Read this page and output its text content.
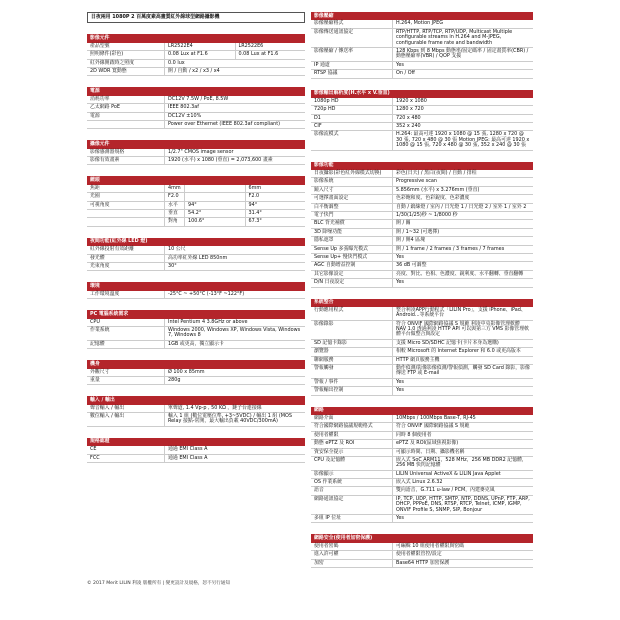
日夜兩用 1080P 2 百萬度素高畫質紅外線球型網路攝影機
影像元件
產品型號	LR2522E4	LR2522E6
照明條件(彩色)	0.08 Lux at F1.6	0.08 Lux at F1.6
紅外線開啟時之照度	0.0 lux
2D WDR 寬動態	開 / 自動 / x2 / x3 / x4
電源
消耗功率	DC12V 7.5W / PoE, 8.5W
乙太網路 PoE	IEEE 802.3af
電源	DC12V ±10%
Power over Ethernet (IEEE 802.3af compliant)
攝像元件
影像感測器規格	1/2.7" CMOS image sensor
影像有效畫素	1920 (水平) x 1080 (垂直) = 2,073,600 畫素
鏡頭
焦距	4mm	6mm
光圈	F2.0	F2.0
可視角度	水平	94°	94°
垂直	54.2°	31.4°
對角	100.6°	67.3°
夜間功能(紅外線 LED 燈)
紅外線投射有效距離	10 公尺
發光體	高功率紅外線 LED 850nm
光束角度	30°
環境
工作環境溫度	-25°C ~ +50°C (-13°F ~122°F)
PC 電腦系統需求
CPU	Intel Pentium 4 3.8GHz or above
作業系統	Windows 2000, Windows XP, Windows Vista, Windows 7, Windows 8
記憶體	1GB 或更高，獨立顯示卡
機身
外觀尺寸	Ø 100 x 85mm
重量	280g
輸入 / 輸出
聲音輸入 / 輸出	單聲道, 1.4 Vp-p , 50 KΩ ，鏈子台連接線
數位輸入 / 輸出	輸入 1 組 (數位電壓位準, +3~5VDC) / 輸出 1 組 (MOS Relay 接點-常開，最大輸出負載 40VDC/300mA)
規格認證
CE	通過 EMI Class A
FCC	通過 EMI Class A
影像壓縮
影像壓縮格式	H.264, Motion JPEG
影像傳送通訊協定	RTP/HTTP, RTP/TCP, RTP/UDP, Multicast Multiple configurable streams in H.264 and M-JPEG, configurable frame rate and bandwidth
影像壓縮 / 傳送率	128 Kbps 到 8 Mbps 動態率/固定碼率 / 固定畫質率(CBR) / 動態壓縮率(VBR) / QOP 支援
IP 通道	Yes
RTSP 協議	On / Off
影像輸出解析度(H.水平 x V.垂直)
1080p HD	1920 x 1080
720p HD	1280 x 720
D1	720 x 480
CIF	352 x 240
影像流模式	H.264: 最高可達 1920 x 1080 @ 15 張, 1280 x 720 @ 30 張, 720 x 480 @ 30 張 Motion JPEG: 最高可達 1920 x 1080 @ 15 張, 720 x 480 @ 30 張, 352 x 240 @ 30 張
影像功能
日夜攝影(彩色紅外線模式切換)	彩色(日天) / 黑白(夜間) / 自動 / 排程
影像系統	Progressive scan
鏡入尺寸	5.856mm (水平) x 3.276mm (垂直)
可選擇畫面設定	色彩飽和度、色彩銳度、色彩濃度
白平衡調整	自動 / 鎢絲燈 / 室內 / 日光燈 1 / 日光燈 2 / 室外 1 / 室外 2
電子快門	1/30(1/25)秒 ~ 1/8000 秒
BLC 背光補償	開 / 關
3D 降噪功能	開 / 1~32 (可選擇)
隱私遮罩	開 / 開4 區塊
Sense Up 多張曝光模式	開 / 1 frame / 2 frames / 3 frames / 7 frames
Sense Up+ 慢快門模式	Yes
AGC 自動增益控制	36 dB 可調整
其它影像設定	亮度、對比、色相、色濃度、銳利度、水平翻轉、垂直翻轉
D/N 日夜設定	Yes
系統整合
行動應用程式	整合利凌APP行動程式「LILIN Pro」，支援 iPhone、iPad、Android...等系統平台
影像錄影	符合 ONVIF 國際網路協議 S 規範 利凌中央影像管理軟體 NAV 1.0 透過利凌 HTTP API 可以與第三方 VMS 影像管理軟體平台做整合與設定
SD 記憶卡錄影	支援 Micro SD/SDHC 記憶卡(卡片本身為選購)
瀏覽器	相較 Microsoft 的 Internet Explorer 和 6.0 或更高版本
聯網服務	HTTP 網頁服務主機
警報觸發	動作偵測/影像影像偵測/警報偵測，觸發 SD Card 錄影，影像傳送 FTP 或 E-mail
警報 / 事件	Yes
警報輸出控制	Yes
網路
網路介面	10Mbps / 100Mbps Base-T, RJ-45
符合國際網路協議規範格式	符合 ONVIF 國際網路協議 S 規範
使用者權限	同時 8 個使用者
動態 ePTZ 及 ROI	ePTZ 及 ROI(區域焦視影像)
資安保全提示	可顯示時間、日期、攝影機名稱
CPU 及記憶體	嵌入式 SoC ARM11，528 MHz，256 MB DDR2 記憶體，256 MB 快閃記憶體
影像顯示	LILIN Universal ActiveX & LILIN Java Applet
OS 作業系統	嵌入式 Linux 2.6.32
語音	雙向語音，G.711 u-law / PCM，內建麥克風
網路通訊協定	IP, TCP, UDP, HTTP, SMTP, NTP, DDNS, UPnP, FTP, ARP, DHCP, PPPoE, DNS, RTSP, RTCP, Telnet, ICMP, IGMP, ONVIF Profile S, SNMP, SIP, Bonjour
多組 IP 位址	Yes
網路安全(使用者加密保護)
使用者密碼	可編輯 10 組使用者權限與密碼
進入許可權	使用者權限管控/設定
加密	Base64 HTTP 加密保護
© 2017 Merit LILIN 利凌 版權所有 | 變更設計及規格，恕不另行通知
